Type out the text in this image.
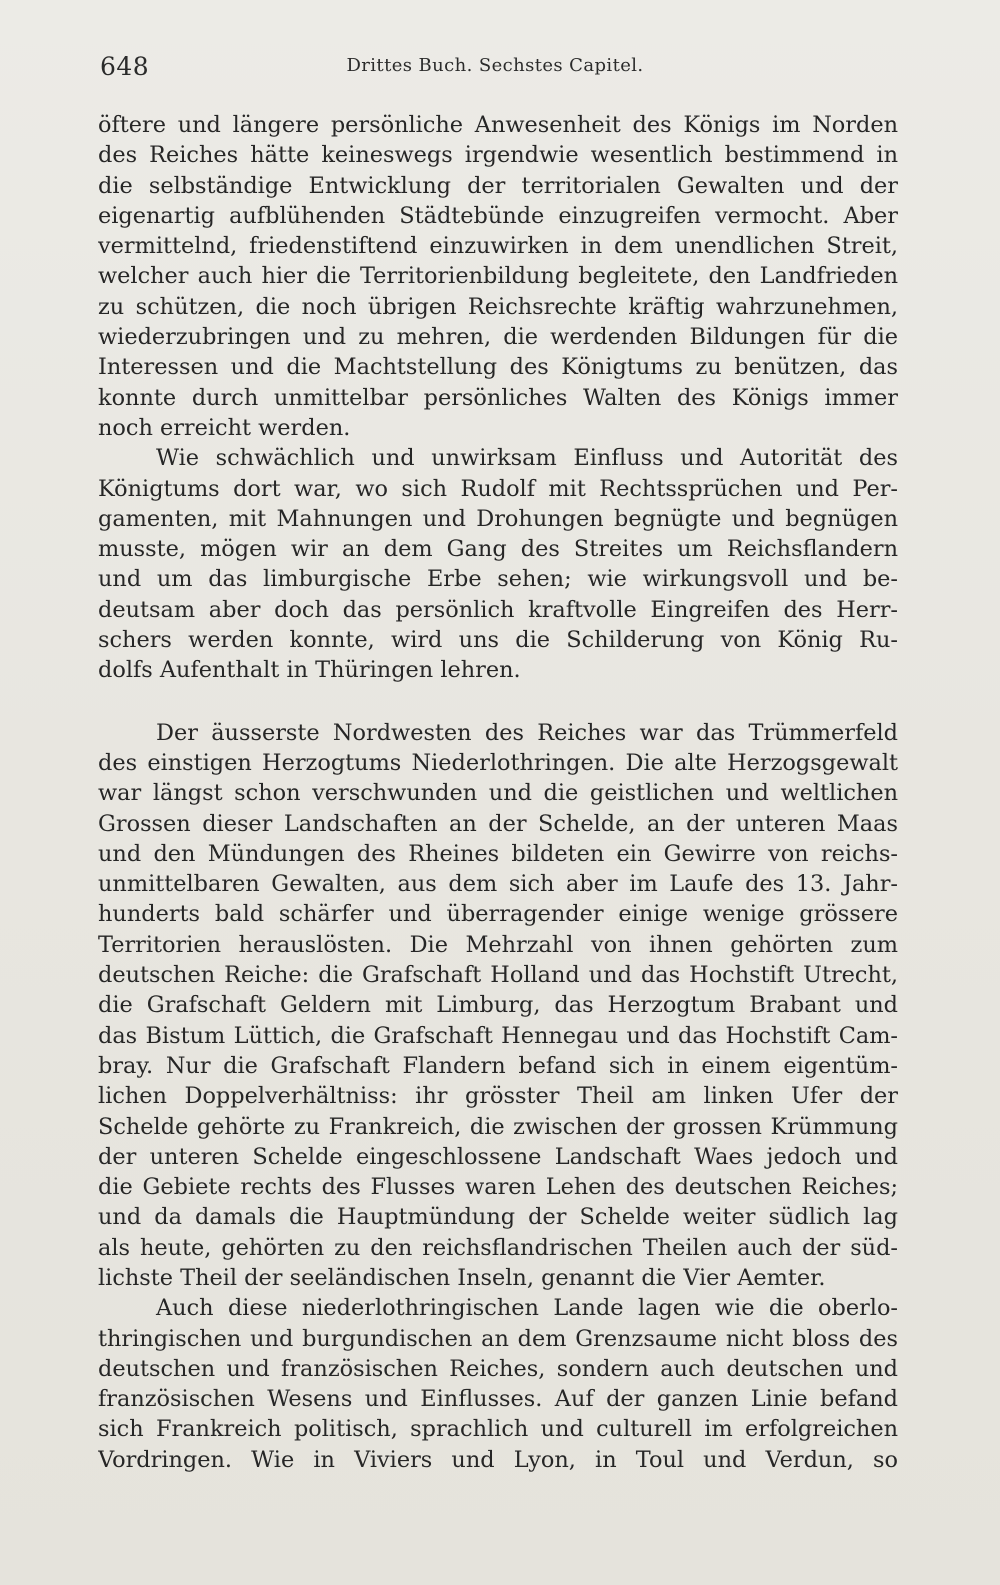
648	Drittes Buch. Sechstes Capitel.
öftere und längere persönliche Anwesenheit des Königs im Norden
des Reiches hätte keineswegs irgendwie wesentlich bestimmend in
die selbständige Entwicklung der territorialen Gewalten und der
eigenartig aufblühenden Städtebünde einzugreifen vermocht. Aber
vermittelnd, friedenstiftend einzuwirken in dem unendlichen Streit,
welcher auch hier die Territorienbildung begleitete, den Landfrieden
zu schützen, die noch übrigen Reichsrechte kräftig wahrzunehmen,
wiederzubringen und zu mehren, die werdenden Bildungen für die
Interessen und die Machtstellung des Königtums zu benützen, das
konnte durch unmittelbar persönliches Walten des Königs immer
noch erreicht werden.
Wie schwächlich und unwirksam Einfluss und Autorität des
Königtums dort war, wo sich Rudolf mit Rechtssprüchen und Per-
gamenten, mit Mahnungen und Drohungen begnügte und begnügen
musste, mögen wir an dem Gang des Streites um Reichsflandern
und um das limburgische Erbe sehen; wie wirkungsvoll und be-
deutsam aber doch das persönlich kraftvolle Eingreifen des Herr-
schers werden konnte, wird uns die Schilderung von König Ru-
dolfs Aufenthalt in Thüringen lehren.
Der äusserste Nordwesten des Reiches war das Trümmerfeld
des einstigen Herzogtums Niederlothringen. Die alte Herzogsgewalt
war längst schon verschwunden und die geistlichen und weltlichen
Grossen dieser Landschaften an der Schelde, an der unteren Maas
und den Mündungen des Rheines bildeten ein Gewirre von reichs-
unmittelbaren Gewalten, aus dem sich aber im Laufe des 13. Jahr-
hunderts bald schärfer und überragender einige wenige grössere
Territorien herauslösten. Die Mehrzahl von ihnen gehörten zum
deutschen Reiche: die Grafschaft Holland und das Hochstift Utrecht,
die Grafschaft Geldern mit Limburg, das Herzogtum Brabant und
das Bistum Lüttich, die Grafschaft Hennegau und das Hochstift Cam-
bray. Nur die Grafschaft Flandern befand sich in einem eigentüm-
lichen Doppelverhältniss: ihr grösster Theil am linken Ufer der
Schelde gehörte zu Frankreich, die zwischen der grossen Krümmung
der unteren Schelde eingeschlossene Landschaft Waes jedoch und
die Gebiete rechts des Flusses waren Lehen des deutschen Reiches;
und da damals die Hauptmündung der Schelde weiter südlich lag
als heute, gehörten zu den reichsflandrischen Theilen auch der süd-
lichste Theil der seeländischen Inseln, genannt die Vier Aemter.
Auch diese niederlothringischen Lande lagen wie die oberlo-
thringischen und burgundischen an dem Grenzsaume nicht bloss des
deutschen und französischen Reiches, sondern auch deutschen und
französischen Wesens und Einflusses. Auf der ganzen Linie befand
sich Frankreich politisch, sprachlich und culturell im erfolgreichen
Vordringen. Wie in Viviers und Lyon, in Toul und Verdun, so
